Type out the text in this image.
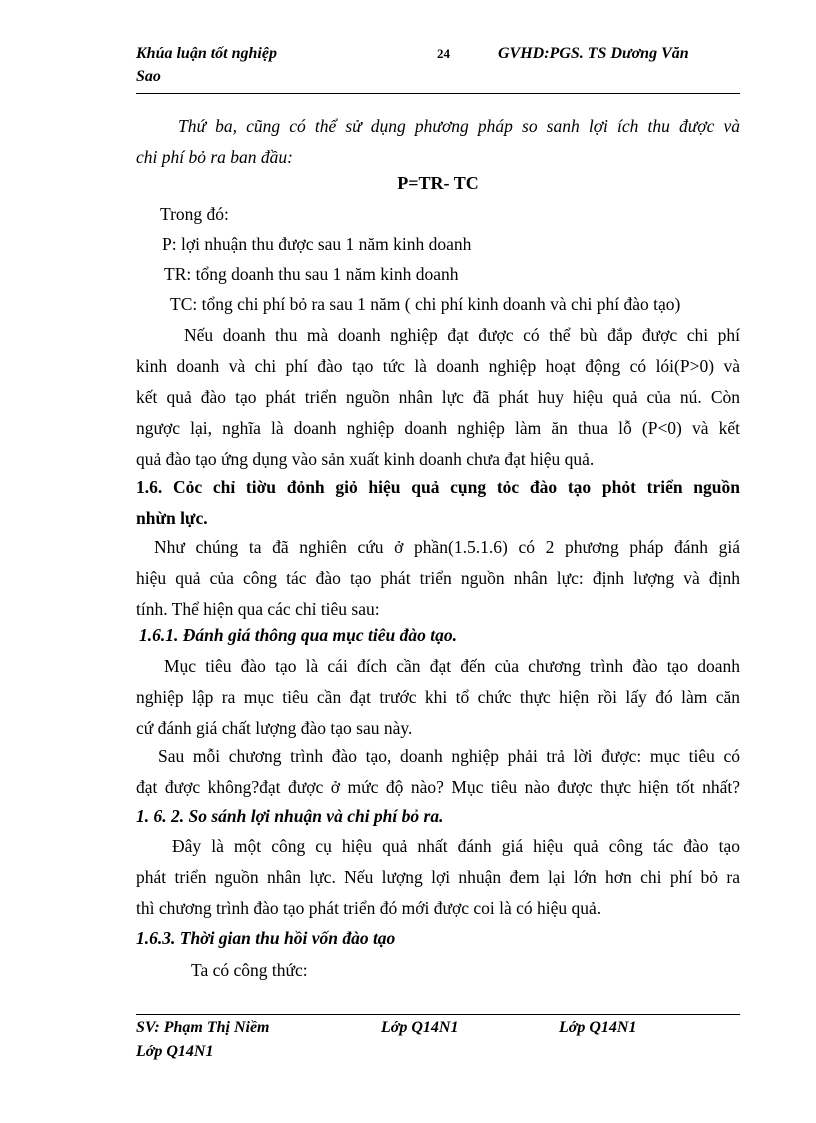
Khúa luận tốt nghiệp	24	GVHD:PGS. TS Dương Văn
Sao
Thứ ba, cũng có thể sử dụng phương pháp so sanh lợi ích thu được và
chi phí bỏ ra ban đầu:
P=TR- TC
Trong đó:
P: lợi nhuận thu được sau 1 năm kinh doanh
TR: tổng doanh thu sau 1 năm kinh doanh
TC: tổng chi phí bỏ ra sau 1 năm ( chi phí kinh doanh và chi phí đào tạo)
Nếu doanh thu mà doanh nghiệp đạt được có thể bù đắp được chi phí
kinh doanh và chi phí đào tạo tức là doanh nghiệp hoạt động có lói(P>0) và
kết quả đào tạo phát triển nguồn nhân lực đã phát huy hiệu quả của nú. Còn
ngược lại, nghĩa là doanh nghiệp doanh nghiệp làm ăn thua lỗ (P<0) và kết
quả đào tạo ứng dụng vào sản xuất kinh doanh chưa đạt hiệu quả.
1.6. Cỏc chỉ tiờu đỏnh giỏ hiệu quả cụng tỏc đào tạo phỏt triển nguồn
nhừn lực.
Như chúng ta đã nghiên cứu ở phần(1.5.1.6) có 2 phương pháp đánh giá
hiệu quả của công tác đào tạo phát triển nguồn nhân lực: định lượng và định
tính. Thể hiện qua các chỉ tiêu sau:
1.6.1. Đánh giá thông qua mục tiêu đào tạo.
Mục tiêu đào tạo là cái đích cần đạt đến của chương trình đào tạo doanh
nghiệp lập ra mục tiêu cần đạt trước khi tổ chức thực hiện rồi lấy đó làm căn
cứ đánh giá chất lượng đào tạo sau này.
Sau mỗi chương trình đào tạo, doanh nghiệp phải trả lời được: mục tiêu có
đạt được không?đạt được ở mức độ nào? Mục tiêu nào được thực hiện tốt nhất?
1. 6. 2. So sánh lợi nhuận và chi phí bỏ ra.
Đây là một công cụ hiệu quả nhất đánh giá hiệu quả công tác đào tạo
phát triển nguồn nhân lực. Nếu lượng lợi nhuận đem lại lớn hơn chi phí bỏ ra
thì chương trình đào tạo phát triển đó mới được coi là có hiệu quả.
1.6.3. Thời gian thu hồi vốn đào tạo
Ta có công thức:
SV: Phạm Thị Niềm	Lớp Q14N1	Lớp Q14N1
Lớp Q14N1
